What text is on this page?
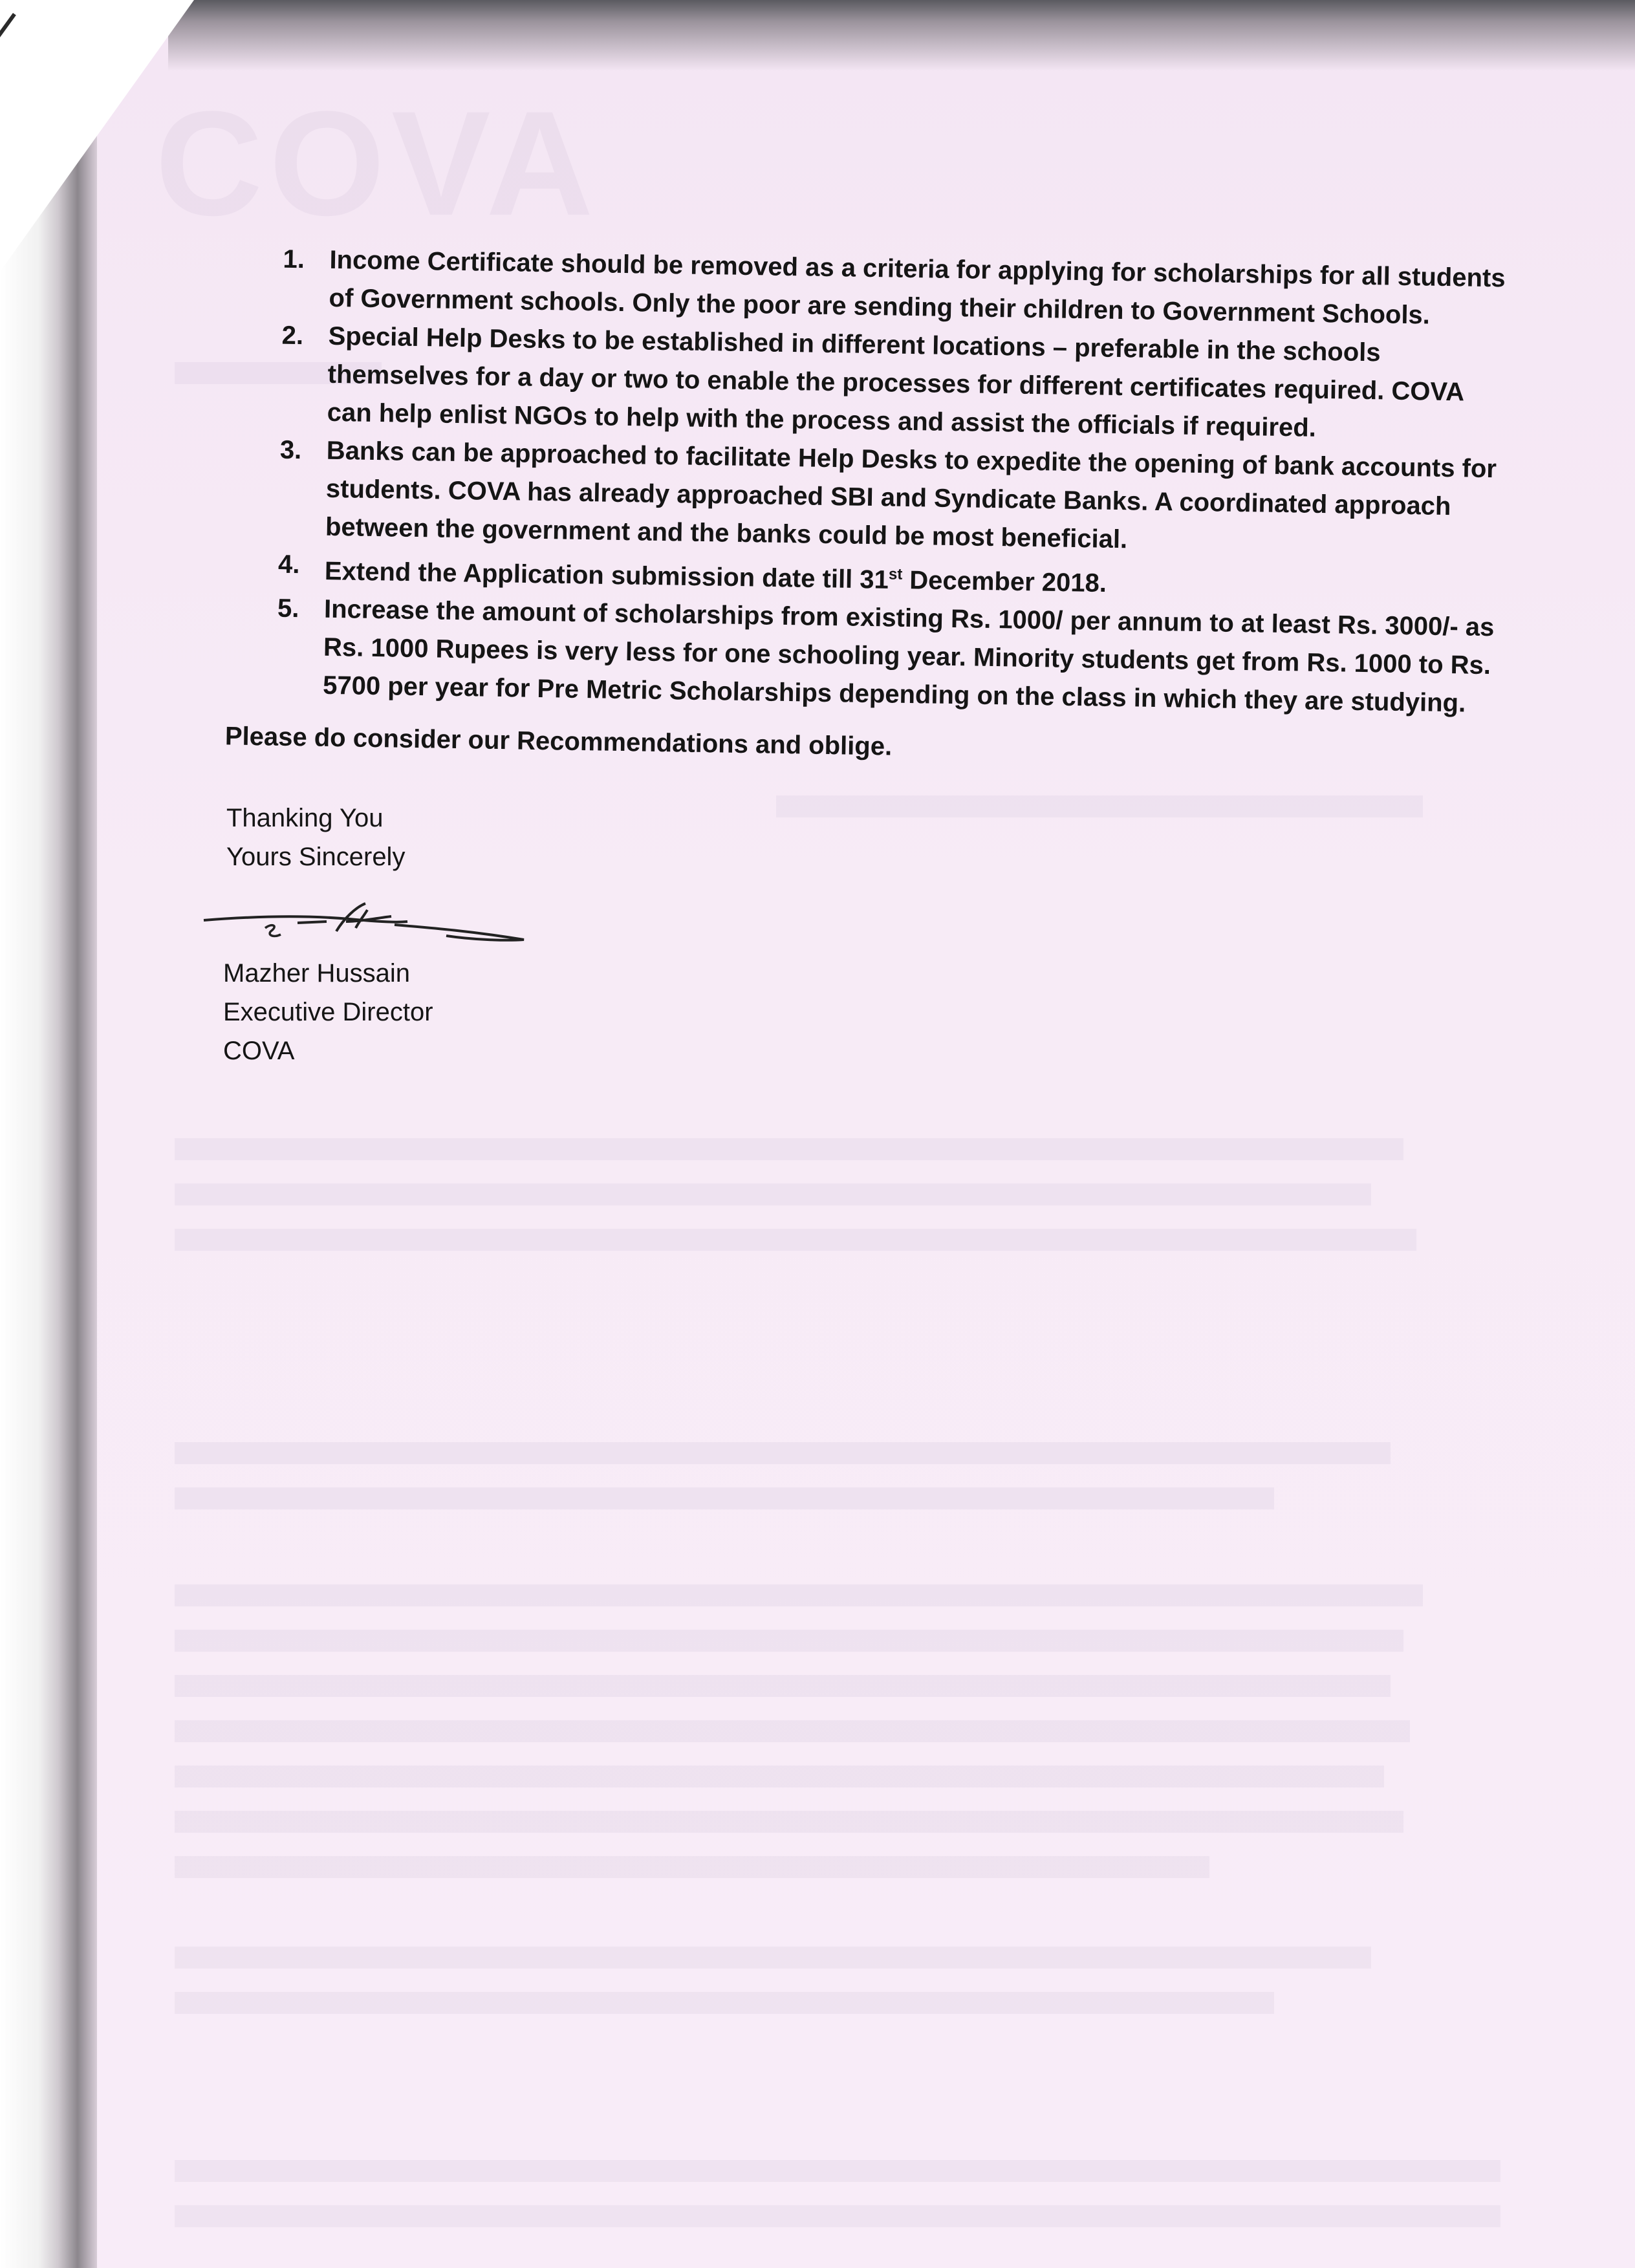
COVA
1. Income Certificate should be removed as a criteria for applying for scholarships for all students of Government schools. Only the poor are sending their children to Government Schools.
2. Special Help Desks to be established in different locations – preferable in the schools themselves for a day or two to enable the processes for different certificates required. COVA can help enlist NGOs to help with the process and assist the officials if required.
3. Banks can be approached to facilitate Help Desks to expedite the opening of bank accounts for students. COVA has already approached SBI and Syndicate Banks. A coordinated approach between the government and the banks could be most beneficial.
4. Extend the Application submission date till 31st December 2018.
5. Increase the amount of scholarships from existing Rs. 1000/ per annum to at least Rs. 3000/- as Rs. 1000 Rupees is very less for one schooling year. Minority students get from Rs. 1000 to Rs. 5700 per year for Pre Metric Scholarships depending on the class in which they are studying.
Please do consider our Recommendations and oblige.
Thanking You
Yours Sincerely
Mazher Hussain
Executive Director
COVA
